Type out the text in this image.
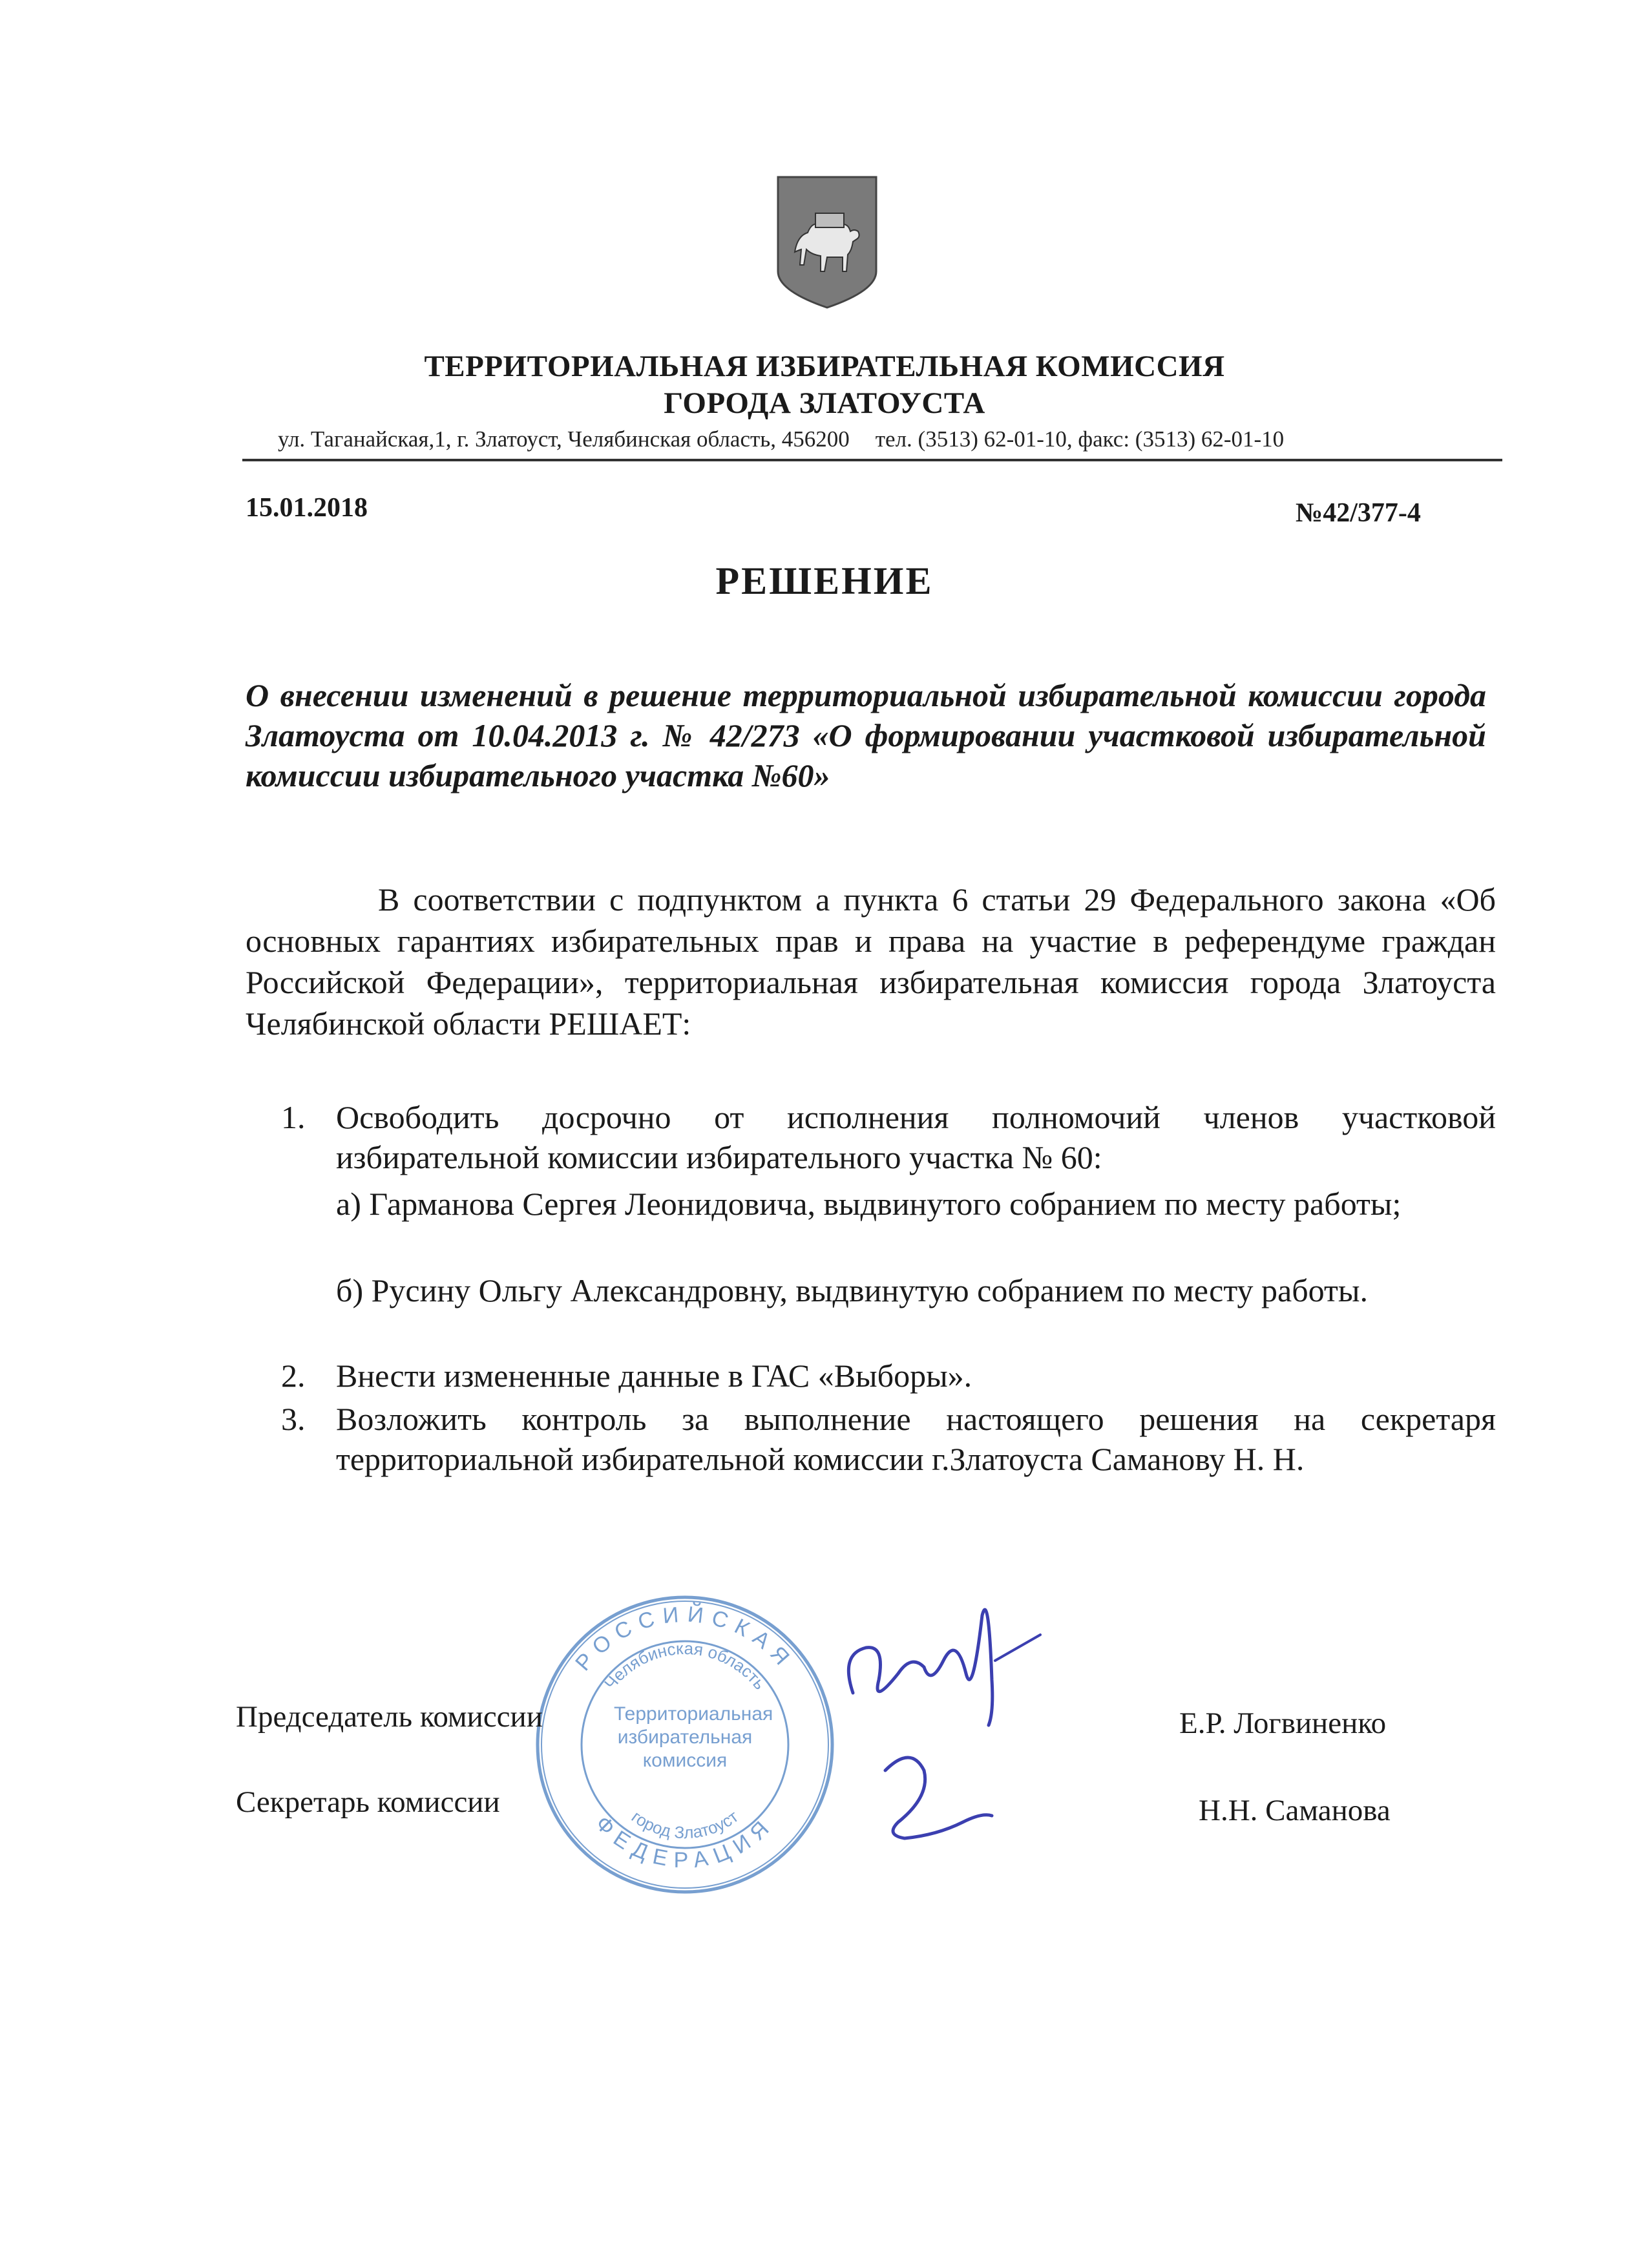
ТЕРРИТОРИАЛЬНАЯ ИЗБИРАТЕЛЬНАЯ КОМИССИЯ
ГОРОДА ЗЛАТОУСТА
ул. Таганайская,1, г. Златоуст, Челябинская область, 456200 тел. (3513) 62-01-10, факс: (3513) 62-01-10
15.01.2018	№42/377-4
РЕШЕНИЕ
О внесении изменений в решение территориальной избирательной комиссии города Златоуста от 10.04.2013 г. № 42/273 «О формировании участковой избирательной комиссии избирательного участка №60»
В соответствии с подпунктом а пункта 6 статьи 29 Федерального закона «Об основных гарантиях избирательных прав и права на участие в референдуме граждан Российской Федерации», территориальная избирательная комиссия города Златоуста Челябинской области РЕШАЕТ:
1. Освободить досрочно от исполнения полномочий членов участковой избирательной комиссии избирательного участка № 60:
а) Гарманова Сергея Леонидовича, выдвинутого собранием по месту работы;
б) Русину Ольгу Александровну, выдвинутую собранием по месту работы.
2. Внести измененные данные в ГАС «Выборы».
3. Возложить контроль за выполнение настоящего решения на секретаря территориальной избирательной комиссии г.Златоуста Саманову Н. Н.
РОССИЙСКАЯ
ФЕДЕРАЦИЯ
Челябинская область
город Златоуст
Территориальная избирательная комиссия
Председатель комиссии
Секретарь комиссии
Е.Р. Логвиненко
Н.Н. Саманова
